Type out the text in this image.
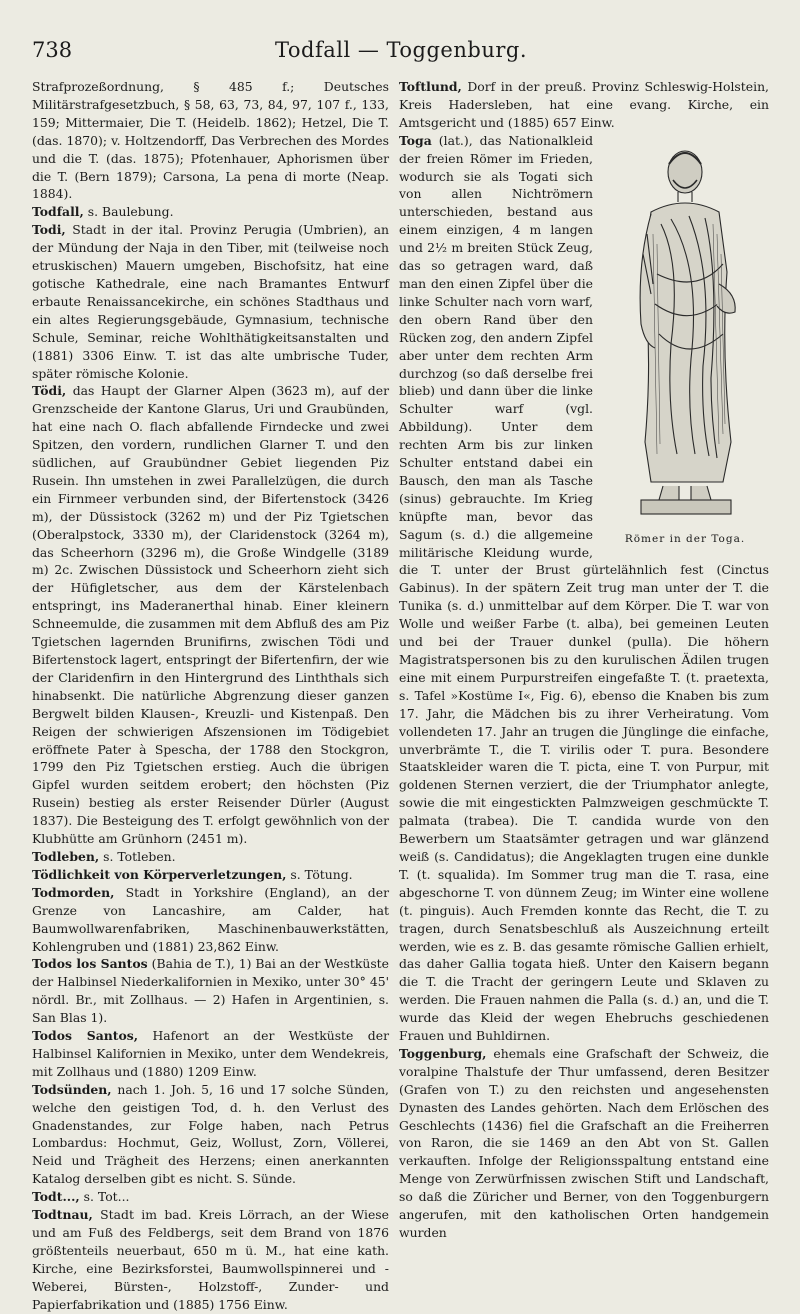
738	Todfall — Toggenburg.

Strafprozeßordnung, § 485 f.; Deutsches Militärstrafgesetzbuch, § 58, 63, 73, 84, 97, 107 f., 133, 159; Mittermaier, Die T. (Heidelb. 1862); Hetzel, Die T. (das. 1870); v. Holtzendorff, Das Verbrechen des Mordes und die T. (das. 1875); Pfotenhauer, Aphorismen über die T. (Bern 1879); Carsona, La pena di morte (Neap. 1884).

Todfall, s. Baulebung.

Todi, Stadt in der ital. Provinz Perugia (Umbrien), an der Mündung der Naja in den Tiber, mit (teilweise noch etruskischen) Mauern umgeben, Bischofsitz, hat eine gotische Kathedrale, eine nach Bramantes Entwurf erbaute Renaissancekirche, ein schönes Stadthaus und ein altes Regierungsgebäude, Gymnasium, technische Schule, Seminar, reiche Wohlthätigkeitsanstalten und (1881) 3306 Einw. T. ist das alte umbrische Tuder, später römische Kolonie.

Tödi, das Haupt der Glarner Alpen (3623 m), auf der Grenzscheide der Kantone Glarus, Uri und Graubünden, hat eine nach O. flach abfallende Firndecke und zwei Spitzen, den vordern, rundlichen Glarner T. und den südlichen, auf Graubündner Gebiet liegenden Piz Rusein. Ihn umstehen in zwei Parallelzügen, die durch ein Firnmeer verbunden sind, der Bifertenstock (3426 m), der Düssistock (3262 m) und der Piz Tgietschen (Oberalpstock, 3330 m), der Claridenstock (3264 m), das Scheerhorn (3296 m), die Große Windgelle (3189 m) 2c. Zwischen Düssistock und Scheerhorn zieht sich der Hüfigletscher, aus dem der Kärstelenbach entspringt, ins Maderanerthal hinab. Einer kleinern Schneemulde, die zusammen mit dem Abfluß des am Piz Tgietschen lagernden Brunifirns, zwischen Tödi und Bifertenstock lagert, entspringt der Bifertenfirn, der wie der Claridenfirn in den Hintergrund des Linththals sich hinabsenkt. Die natürliche Abgrenzung dieser ganzen Bergwelt bilden Klausen-, Kreuzli- und Kistenpaß. Den Reigen der schwierigen Afszensionen im Tödigebiet eröffnete Pater à Spescha, der 1788 den Stockgron, 1799 den Piz Tgietschen erstieg. Auch die übrigen Gipfel wurden seitdem erobert; den höchsten (Piz Rusein) bestieg als erster Reisender Dürler (August 1837). Die Besteigung des T. erfolgt gewöhnlich von der Klubhütte am Grünhorn (2451 m).

Todleben, s. Totleben.

Tödlichkeit von Körperverletzungen, s. Tötung.

Todmorden, Stadt in Yorkshire (England), an der Grenze von Lancashire, am Calder, hat Baumwollwarenfabriken, Maschinenbauwerkstätten, Kohlengruben und (1881) 23,862 Einw.

Todos los Santos (Bahia de T.), 1) Bai an der Westküste der Halbinsel Niederkalifornien in Mexiko, unter 30° 45' nördl. Br., mit Zollhaus. — 2) Hafen in Argentinien, s. San Blas 1).

Todos Santos, Hafenort an der Westküste der Halbinsel Kalifornien in Mexiko, unter dem Wendekreis, mit Zollhaus und (1880) 1209 Einw.

Todsünden, nach 1. Joh. 5, 16 und 17 solche Sünden, welche den geistigen Tod, d. h. den Verlust des Gnadenstandes, zur Folge haben, nach Petrus Lombardus: Hochmut, Geiz, Wollust, Zorn, Völlerei, Neid und Trägheit des Herzens; einen anerkannten Katalog derselben gibt es nicht. S. Sünde.

Todt..., s. Tot...

Todtnau, Stadt im bad. Kreis Lörrach, an der Wiese und am Fuß des Feldbergs, seit dem Brand von 1876 größtenteils neuerbaut, 650 m ü. M., hat eine kath. Kirche, eine Bezirksforstei, Baumwollspinnerei und -Weberei, Bürsten-, Holzstoff-, Zunder- und Papierfabrikation und (1885) 1756 Einw.

Toftlund, Dorf in der preuß. Provinz Schleswig-Holstein, Kreis Hadersleben, hat eine evang. Kirche, ein Amtsgericht und (1885) 657 Einw.

Römer in der Toga.

Toga (lat.), das Nationalkleid der freien Römer im Frieden, wodurch sie als Togati sich von allen Nichtrömern unterschieden, bestand aus einem einzigen, 4 m langen und 2½ m breiten Stück Zeug, das so getragen ward, daß man den einen Zipfel über die linke Schulter nach vorn warf, den obern Rand über den Rücken zog, den andern Zipfel aber unter dem rechten Arm durchzog (so daß derselbe frei blieb) und dann über die linke Schulter warf (vgl. Abbildung). Unter dem rechten Arm bis zur linken Schulter entstand dabei ein Bausch, den man als Tasche (sinus) gebrauchte. Im Krieg knüpfte man, bevor das Sagum (s. d.) die allgemeine militärische Kleidung wurde, die T. unter der Brust gürtelähnlich fest (Cinctus Gabinus). In der spätern Zeit trug man unter der T. die Tunika (s. d.) unmittelbar auf dem Körper. Die T. war von Wolle und weißer Farbe (t. alba), bei gemeinen Leuten und bei der Trauer dunkel (pulla). Die höhern Magistratspersonen bis zu den kurulischen Ädilen trugen eine mit einem Purpurstreifen eingefaßte T. (t. praetexta, s. Tafel »Kostüme I«, Fig. 6), ebenso die Knaben bis zum 17. Jahr, die Mädchen bis zu ihrer Verheiratung. Vom vollendeten 17. Jahr an trugen die Jünglinge die einfache, unverbrämte T., die T. virilis oder T. pura. Besondere Staatskleider waren die T. picta, eine T. von Purpur, mit goldenen Sternen verziert, die der Triumphator anlegte, sowie die mit eingestickten Palmzweigen geschmückte T. palmata (trabea). Die T. candida wurde von den Bewerbern um Staatsämter getragen und war glänzend weiß (s. Candidatus); die Angeklagten trugen eine dunkle T. (t. squalida). Im Sommer trug man die T. rasa, eine abgeschorne T. von dünnem Zeug; im Winter eine wollene (t. pinguis). Auch Fremden konnte das Recht, die T. zu tragen, durch Senatsbeschluß als Auszeichnung erteilt werden, wie es z. B. das gesamte römische Gallien erhielt, das daher Gallia togata hieß. Unter den Kaisern begann die T. die Tracht der geringern Leute und Sklaven zu werden. Die Frauen nahmen die Palla (s. d.) an, und die T. wurde das Kleid der wegen Ehebruchs geschiedenen Frauen und Buhldirnen.

Toggenburg, ehemals eine Grafschaft der Schweiz, die voralpine Thalstufe der Thur umfassend, deren Besitzer (Grafen von T.) zu den reichsten und angesehensten Dynasten des Landes gehörten. Nach dem Erlöschen des Geschlechts (1436) fiel die Grafschaft an die Freiherren von Raron, die sie 1469 an den Abt von St. Gallen verkauften. Infolge der Religionsspaltung entstand eine Menge von Zerwürfnissen zwischen Stift und Landschaft, so daß die Züricher und Berner, von den Toggenburgern angerufen, mit den katholischen Orten handgemein wurden
